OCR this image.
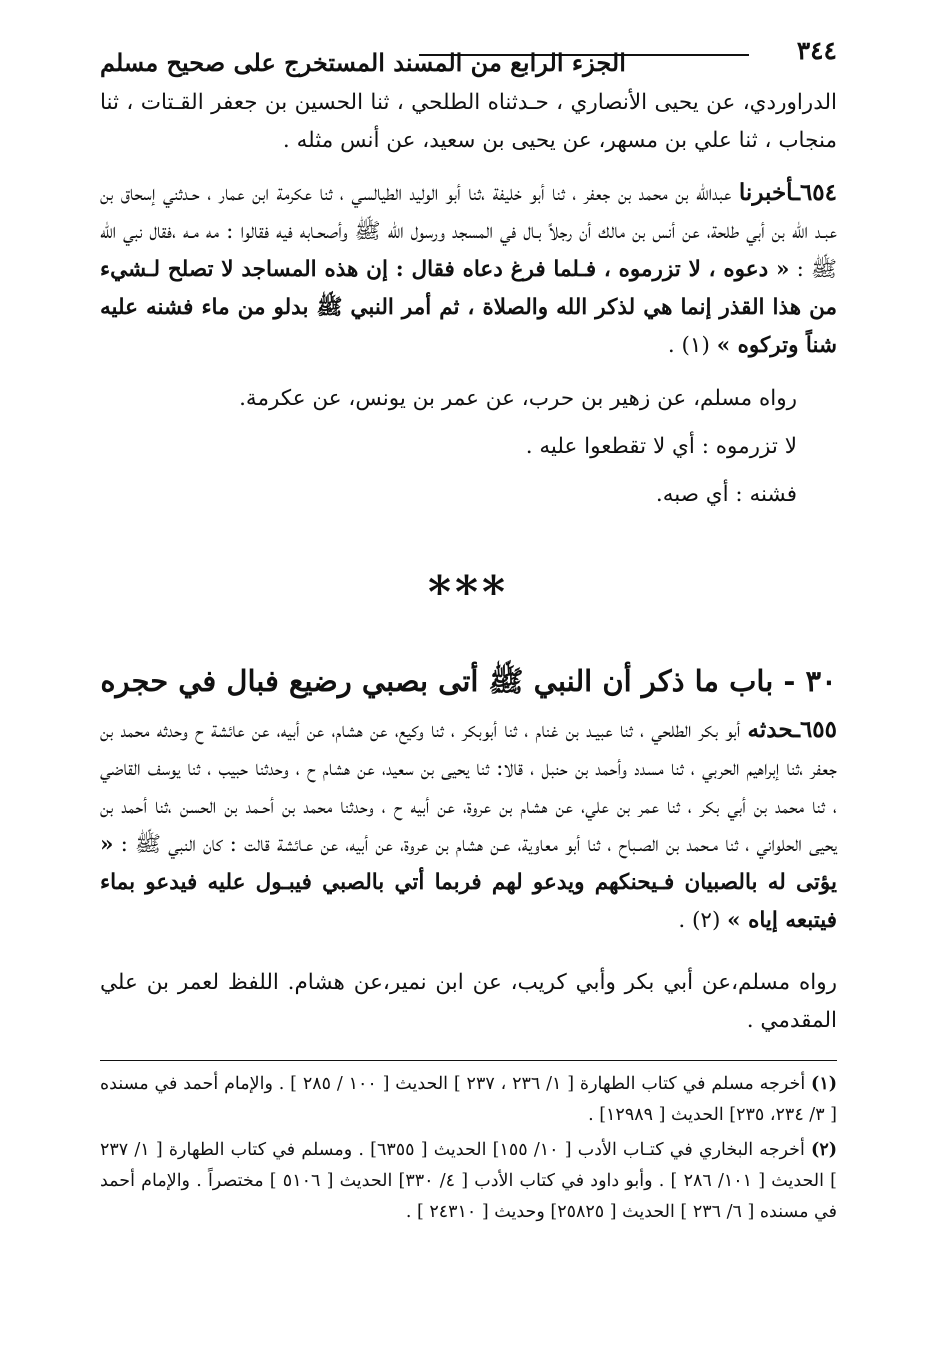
٣٤٤
الجزء الرابع من المسند المستخرج على صحيح مسلم

الدراوردي، عن يحيى الأنصاري ، حـدثناه الطلحي ، ثنا الحسين بن جعفر القـتات ، ثنا منجاب ، ثنا علي بن مسهر، عن يحيى بن سعيد، عن أنس مثله .

٦٥٤ـأخبرنا عبدالله بن محمد بن جعفر ، ثنا أبو خليفة ،ثنا أبو الوليد الطيالسي ، ثنا عكرمة ابن عمار ، حـدثني إسحاق بن عبـد الله بن أبي طلحة، عن أنس بن مالك أن رجلاً بـال في المسجد ورسول الله ﷺ وأصحـابه فيه فقالوا : مه مـه ،فقال نبي الله ﷺ : « دعوه ، لا تزرموه ، فـلما فرغ دعاه فقال : إن هذه المساجد لا تصلح لـشيء من هذا القذر إنما هي لذكر الله والصلاة ، ثم أمر النبي ﷺ بدلو من ماء فشنه عليه شناً وتركوه » (١) .

رواه مسلم، عن زهير بن حرب، عن عمر بن يونس، عن عكرمة.

لا تزرموه : أي لا تقطعوا عليه .

فشنه : أي صبه.

***
٣٠ - باب ما ذكر أن النبي ﷺ أتى بصبي رضيع فبال في حجره

٦٥٥ـحدثه أبو بكر الطلحي ، ثنا عبيـد بن غنام ، ثنا أبوبكر ، ثنا وكيع، عن هشام، عن أبيه، عن عائشة ح وحدثه محمد بن جعفر ،ثنا إبراهيم الحربي ، ثنا مسدد وأحمد بن حنبل ، قالا: ثنا يحيى بن سعيد، عن هشام ح ، وحدثنا حبيب ، ثنا يوسف القاضي ، ثنا محمد بن أبي بكر ، ثنا عمر بن علي، عن هشام بن عروة، عن أبيه ح ، وحدثنا محمد بن أحـمد بن الحسن ،ثنا أحمد بن يحيى الحلواني ، ثنا مـحمد بن الصـباح ، ثنا أبو معاوية، عـن هشام بن عروة، عن أبيه، عن عـائشة قالت : كان النبي ﷺ : « يؤتى له بالصبيان فـيحنكهم ويدعو لهم فربما أتي بالصبي فيبـول عليه فيدعو بماء فيتبعه إياه » (٢) .

رواه مسلم،عن أبي بكر وأبي كريب، عن ابن نمير،عن هشام. اللفظ لعمر بن علي المقدمي .

(١) أخرجه مسلم في كتاب الطهارة [ ١/ ٢٣٦ ، ٢٣٧ ] الحديث [ ١٠٠ / ٢٨٥ ] . والإمام أحمد في مسنده [ ٣/ ٢٣٤، ٢٣٥] الحديث [ ١٢٩٨٩] .

(٢) أخرجه البخاري في كتـاب الأدب [ ١٠/ ١٥٥] الحديث [ ٦٣٥٥] . ومسلم في كتاب الطهارة [ ١/ ٢٣٧ ] الحديث [ ١٠١/ ٢٨٦ ] . وأبو داود في كتاب الأدب [ ٤/ ٣٣٠] الحديث [ ٥١٠٦ ] مختصراً . والإمام أحمد في مسنده [ ٦/ ٢٣٦ ] الحديث [ ٢٥٨٢٥] وحديث [ ٢٤٣١٠ ] .
